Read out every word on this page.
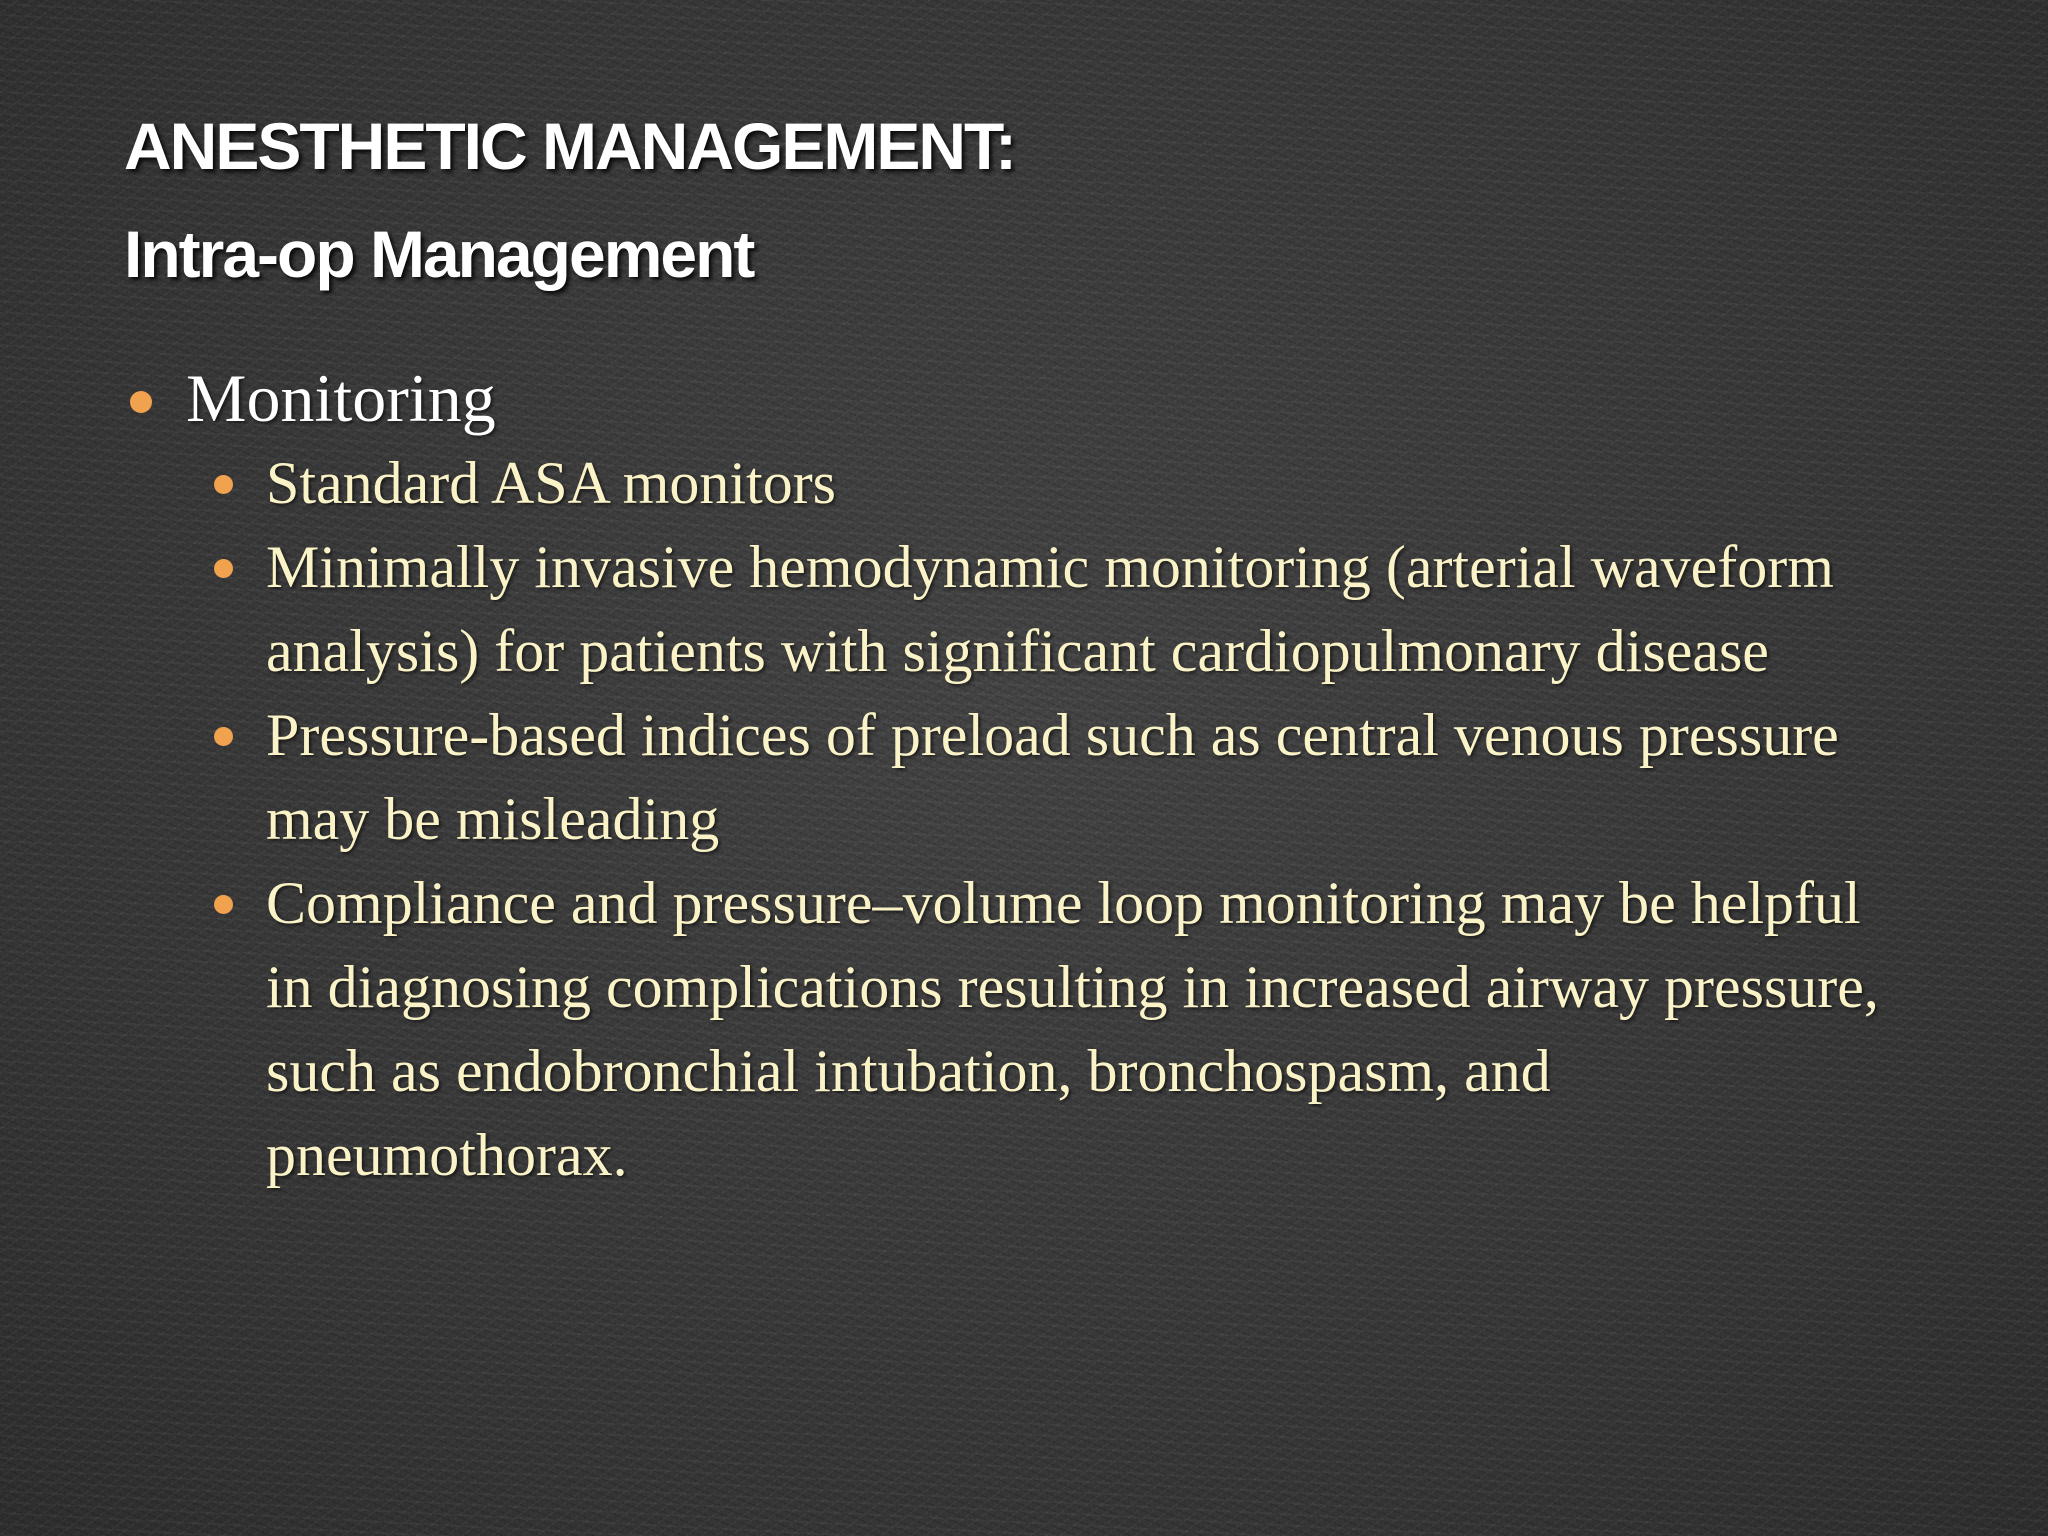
ANESTHETIC MANAGEMENT:
Intra-op Management
Monitoring
Standard ASA monitors
Minimally invasive hemodynamic monitoring (arterial waveform analysis) for patients with significant cardiopulmonary disease
Pressure-based indices of preload such as central venous pressure may be misleading
Compliance and pressure–volume loop monitoring may be helpful in diagnosing complications resulting in increased airway pressure, such as endobronchial intubation, bronchospasm, and pneumothorax.
